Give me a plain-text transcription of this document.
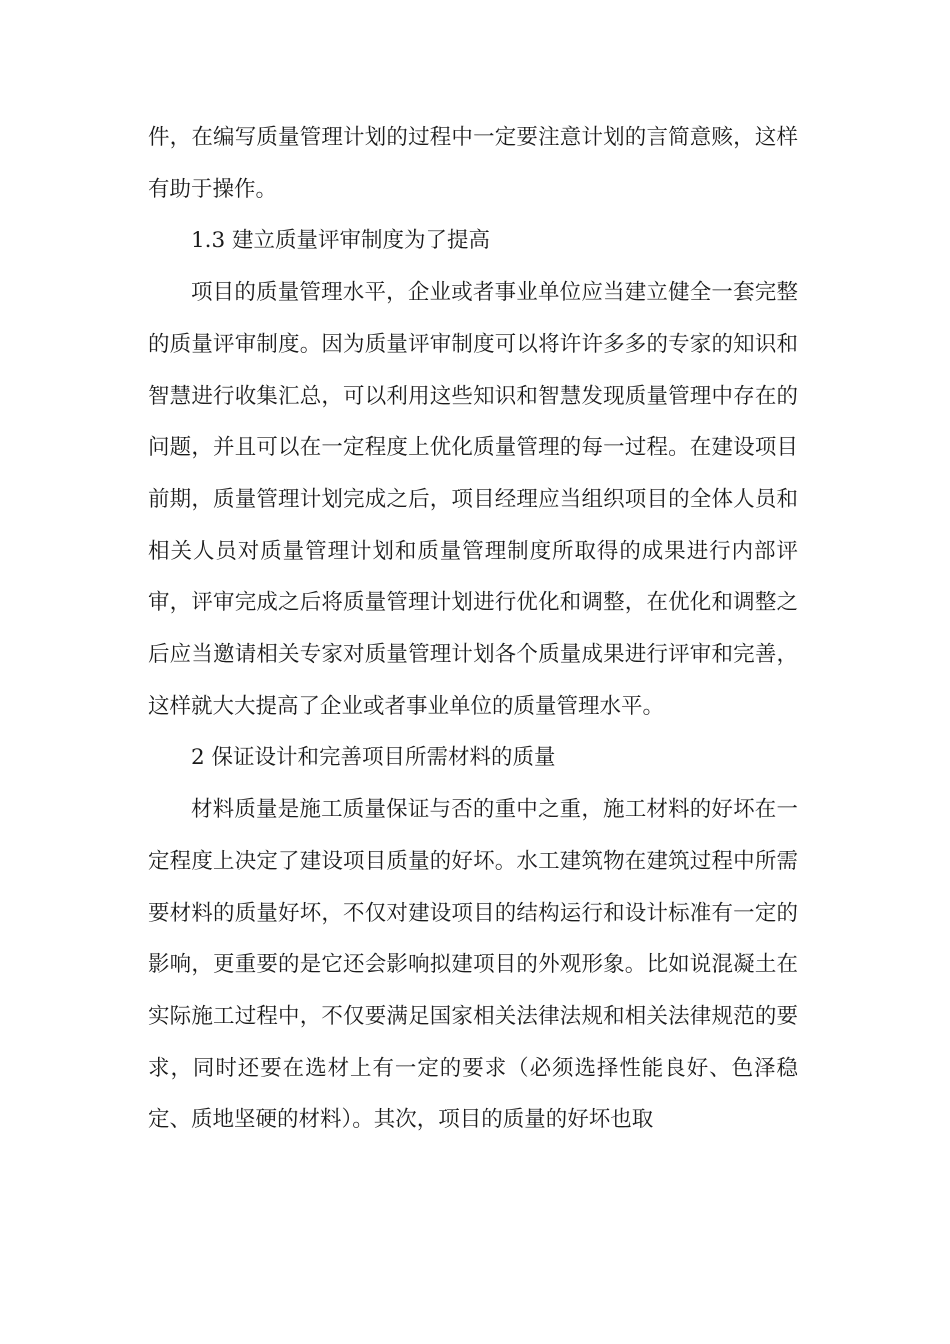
件，在编写质量管理计划的过程中一定要注意计划的言简意赅，这样有助于操作。

1.3 建立质量评审制度为了提高

项目的质量管理水平，企业或者事业单位应当建立健全一套完整的质量评审制度。因为质量评审制度可以将许许多多的专家的知识和智慧进行收集汇总，可以利用这些知识和智慧发现质量管理中存在的问题，并且可以在一定程度上优化质量管理的每一过程。在建设项目前期，质量管理计划完成之后，项目经理应当组织项目的全体人员和相关人员对质量管理计划和质量管理制度所取得的成果进行内部评审，评审完成之后将质量管理计划进行优化和调整，在优化和调整之后应当邀请相关专家对质量管理计划各个质量成果进行评审和完善，这样就大大提高了企业或者事业单位的质量管理水平。

2 保证设计和完善项目所需材料的质量

材料质量是施工质量保证与否的重中之重，施工材料的好坏在一定程度上决定了建设项目质量的好坏。水工建筑物在建筑过程中所需要材料的质量好坏，不仅对建设项目的结构运行和设计标准有一定的影响，更重要的是它还会影响拟建项目的外观形象。比如说混凝土在实际施工过程中，不仅要满足国家相关法律法规和相关法律规范的要求，同时还要在选材上有一定的要求（必须选择性能良好、色泽稳定、质地坚硬的材料）。其次，项目的质量的好坏也取
